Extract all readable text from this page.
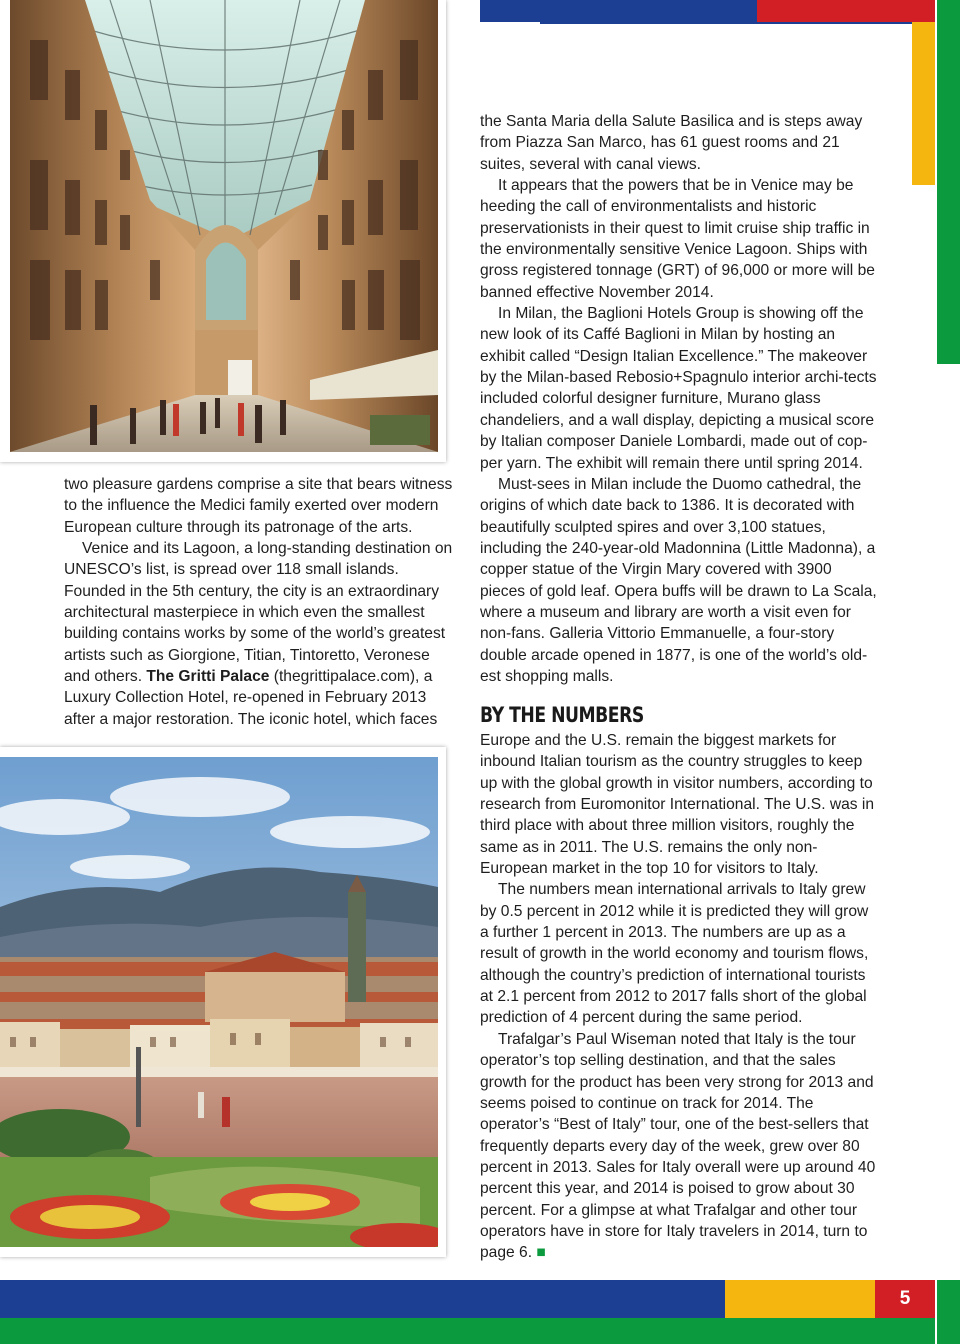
5

two pleasure gardens comprise a site that bears witness to the influence the Medici family exerted over modern European culture through its patronage of the arts.

Venice and its Lagoon, a long-standing destination on UNESCO’s list, is spread over 118 small islands. Founded in the 5th century, the city is an extraordinary architectural masterpiece in which even the smallest building contains works by some of the world’s greatest artists such as Giorgione, Titian, Tintoretto, Veronese and others. The Gritti Palace (thegrittipalace.com), a Luxury Collection Hotel, re-opened in February 2013 after a major restoration. The iconic hotel, which faces

the Santa Maria della Salute Basilica and is steps away from Piazza San Marco, has 61 guest rooms and 21 suites, several with canal views.

It appears that the powers that be in Venice may be heeding the call of environmentalists and historic preservationists in their quest to limit cruise ship traffic in the environmentally sensitive Venice Lagoon. Ships with gross registered tonnage (GRT) of 96,000 or more will be banned effective November 2014.

In Milan, the Baglioni Hotels Group is showing off the new look of its Caffé Baglioni in Milan by hosting an exhibit called “Design Italian Excellence.” The makeover by the Milan-based Rebosio+Spagnulo interior archi-tects included colorful designer furniture, Murano glass chandeliers, and a wall display, depicting a musical score by Italian composer Daniele Lombardi, made out of cop-per yarn. The exhibit will remain there until spring 2014.

Must-sees in Milan include the Duomo cathedral, the origins of which date back to 1386. It is decorated with beautifully sculpted spires and over 3,100 statues, including the 240-year-old Madonnina (Little Madonna), a copper statue of the Virgin Mary covered with 3900 pieces of gold leaf. Opera buffs will be drawn to La Scala, where a museum and library are worth a visit even for non-fans. Galleria Vittorio Emmanuelle, a four-story double arcade opened in 1877, is one of the world’s old-est shopping malls.

BY THE NUMBERS

Europe and the U.S. remain the biggest markets for inbound Italian tourism as the country struggles to keep up with the global growth in visitor numbers, according to research from Euromonitor International. The U.S. was in third place with about three million visitors, roughly the same as in 2011. The U.S. remains the only non-European market in the top 10 for visitors to Italy.

The numbers mean international arrivals to Italy grew by 0.5 percent in 2012 while it is predicted they will grow a further 1 percent in 2013. The numbers are up as a result of growth in the world economy and tourism flows, although the country’s prediction of international tourists at 2.1 percent from 2012 to 2017 falls short of the global prediction of 4 percent during the same period.

Trafalgar’s Paul Wiseman noted that Italy is the tour operator’s top selling destination, and that the sales growth for the product has been very strong for 2013 and seems poised to continue on track for 2014. The operator’s “Best of Italy” tour, one of the best-sellers that frequently departs every day of the week, grew over 80 percent in 2013. Sales for Italy overall were up around 40 percent this year, and 2014 is poised to grow about 30 percent. For a glimpse at what Trafalgar and other tour operators have in store for Italy travelers in 2014, turn to page 6. ■
